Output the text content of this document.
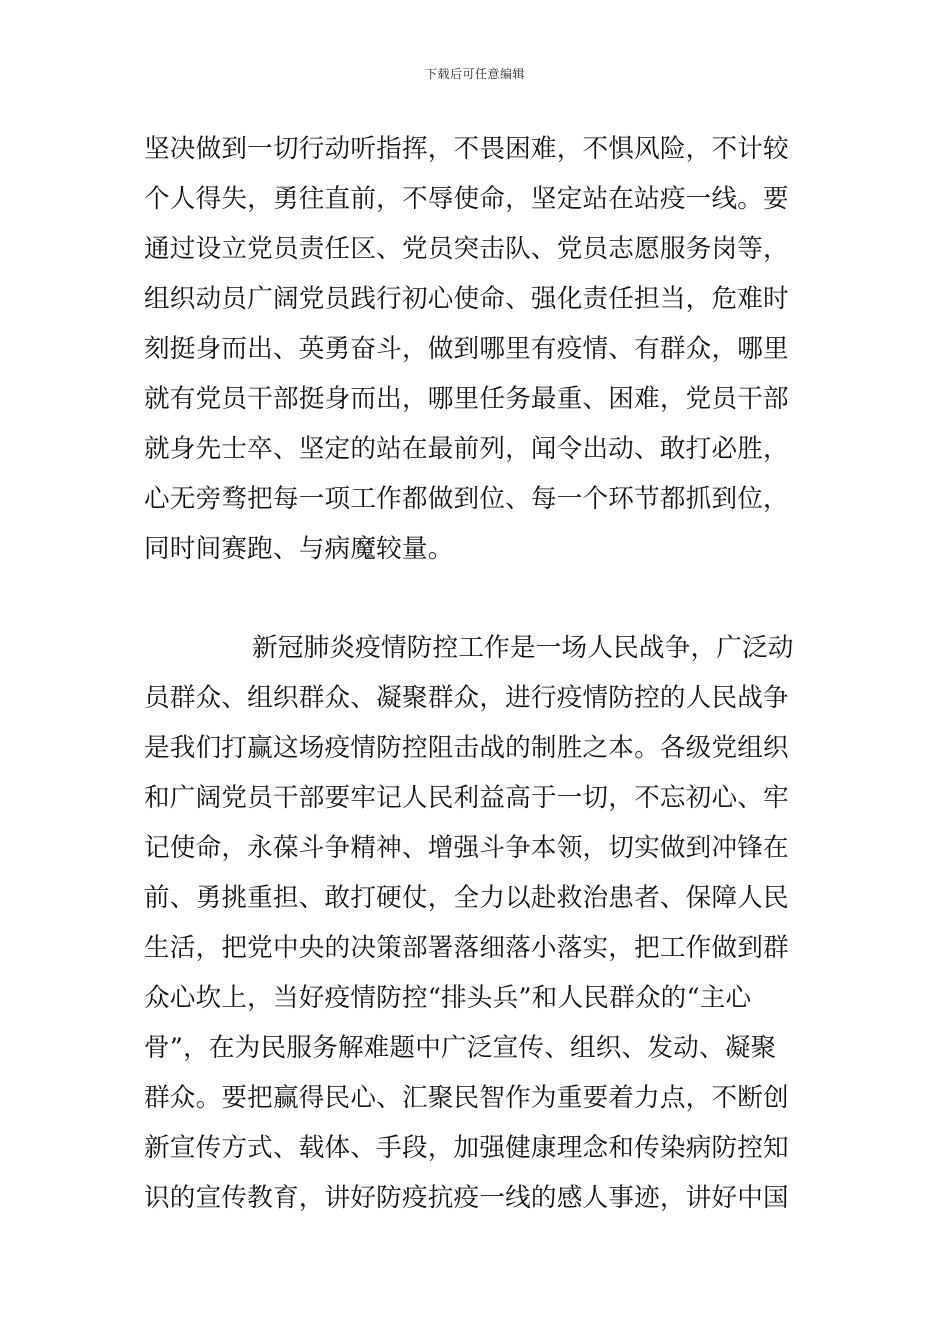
下载后可任意编辑
坚决做到一切行动听指挥，不畏困难，不惧风险，不计较
个人得失，勇往直前，不辱使命，坚定站在站疫一线。要
通过设立党员责任区、党员突击队、党员志愿服务岗等，
组织动员广阔党员践行初心使命、强化责任担当，危难时
刻挺身而出、英勇奋斗，做到哪里有疫情、有群众，哪里
就有党员干部挺身而出，哪里任务最重、困难，党员干部
就身先士卒、坚定的站在最前列，闻令出动、敢打必胜，
心无旁骛把每一项工作都做到位、每一个环节都抓到位，
同时间赛跑、与病魔较量。
新冠肺炎疫情防控工作是一场人民战争，广泛动
员群众、组织群众、凝聚群众，进行疫情防控的人民战争
是我们打赢这场疫情防控阻击战的制胜之本。各级党组织
和广阔党员干部要牢记人民利益高于一切，不忘初心、牢
记使命，永葆斗争精神、增强斗争本领，切实做到冲锋在
前、勇挑重担、敢打硬仗，全力以赴救治患者、保障人民
生活，把党中央的决策部署落细落小落实，把工作做到群
众心坎上，当好疫情防控“排头兵”和人民群众的“主心
骨”，在为民服务解难题中广泛宣传、组织、发动、凝聚
群众。要把赢得民心、汇聚民智作为重要着力点，不断创
新宣传方式、载体、手段，加强健康理念和传染病防控知
识的宣传教育，讲好防疫抗疫一线的感人事迹，讲好中国
